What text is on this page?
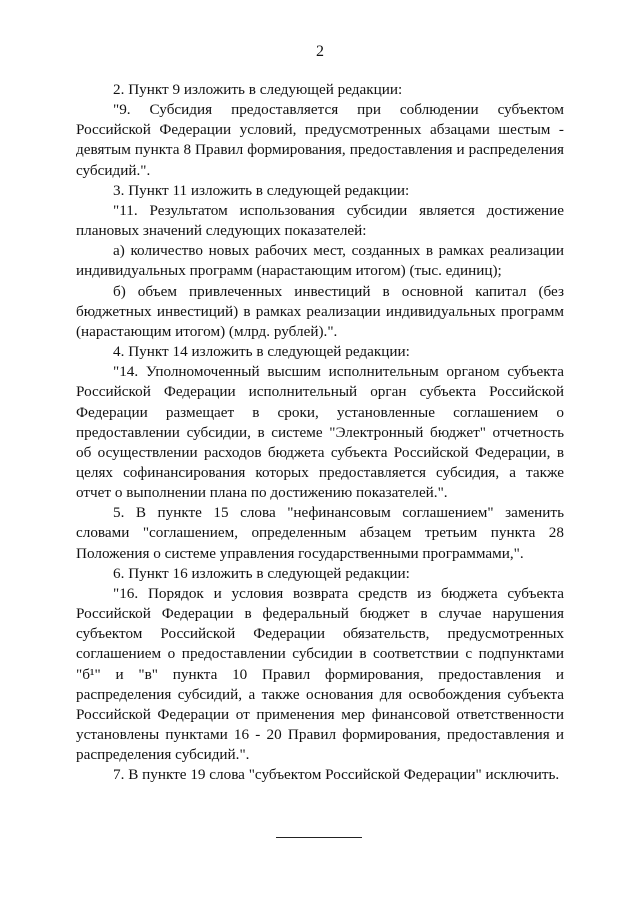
2

2. Пункт 9 изложить в следующей редакции:

"9. Субсидия предоставляется при соблюдении субъектом Российской Федерации условий, предусмотренных абзацами шестым - девятым пункта 8 Правил формирования, предоставления и распределения субсидий.".

3. Пункт 11 изложить в следующей редакции:

"11. Результатом использования субсидии является достижение плановых значений следующих показателей:

а) количество новых рабочих мест, созданных в рамках реализации индивидуальных программ (нарастающим итогом) (тыс. единиц);

б) объем привлеченных инвестиций в основной капитал (без бюджетных инвестиций) в рамках реализации индивидуальных программ (нарастающим итогом) (млрд. рублей).".

4. Пункт 14 изложить в следующей редакции:

"14. Уполномоченный высшим исполнительным органом субъекта Российской Федерации исполнительный орган субъекта Российской Федерации размещает в сроки, установленные соглашением о предоставлении субсидии, в системе "Электронный бюджет" отчетность об осуществлении расходов бюджета субъекта Российской Федерации, в целях софинансирования которых предоставляется субсидия, а также отчет о выполнении плана по достижению показателей.".

5. В пункте 15 слова "нефинансовым соглашением" заменить словами "соглашением, определенным абзацем третьим пункта 28 Положения о системе управления государственными программами,".

6. Пункт 16 изложить в следующей редакции:

"16. Порядок и условия возврата средств из бюджета субъекта Российской Федерации в федеральный бюджет в случае нарушения субъектом Российской Федерации обязательств, предусмотренных соглашением о предоставлении субсидии в соответствии с подпунктами "б¹" и "в" пункта 10 Правил формирования, предоставления и распределения субсидий, а также основания для освобождения субъекта Российской Федерации от применения мер финансовой ответственности установлены пунктами 16 - 20 Правил формирования, предоставления и распределения субсидий.".

7. В пункте 19 слова "субъектом Российской Федерации" исключить.
